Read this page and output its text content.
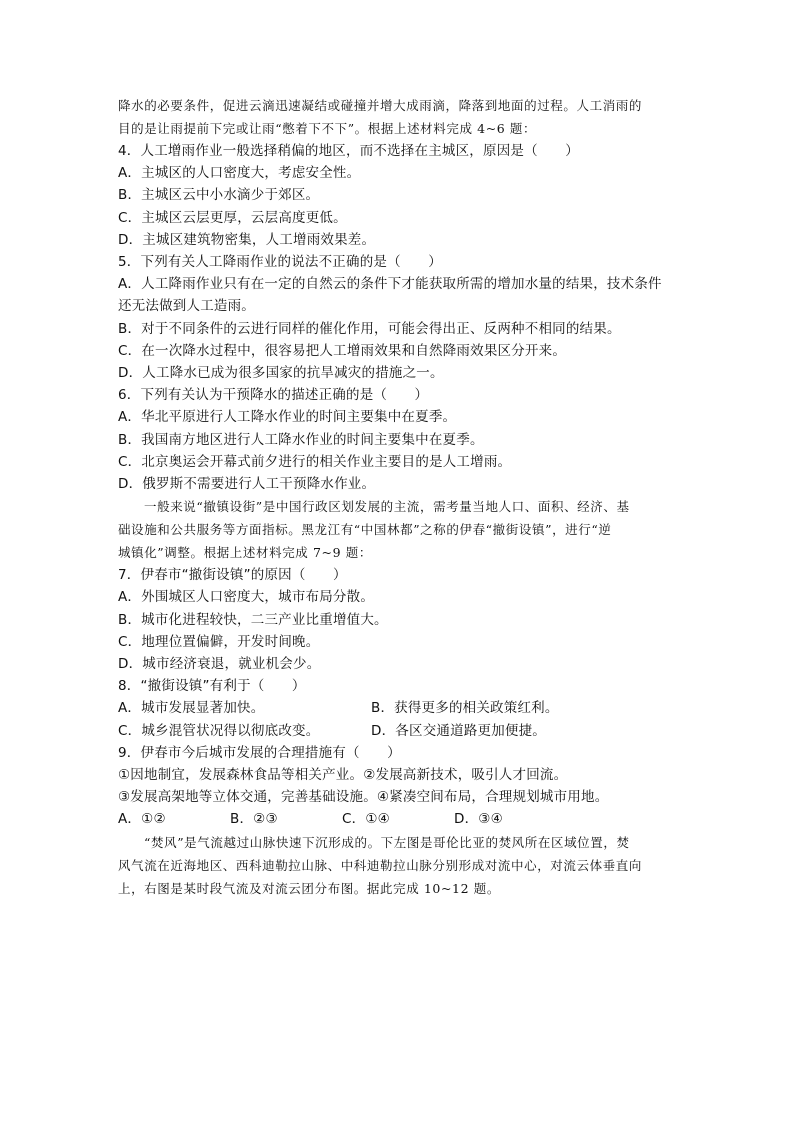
降水的必要条件，促进云滴迅速凝结或碰撞并增大成雨滴，降落到地面的过程。人工消雨的
目的是让雨提前下完或让雨“憋着下不下”。根据上述材料完成 4~6 题：
4．人工增雨作业一般选择稍偏的地区，而不选择在主城区，原因是（　　）
A．主城区的人口密度大，考虑安全性。
B．主城区云中小水滴少于郊区。
C．主城区云层更厚，云层高度更低。
D．主城区建筑物密集，人工增雨效果差。
5．下列有关人工降雨作业的说法不正确的是（　　）
A．人工降雨作业只有在一定的自然云的条件下才能获取所需的增加水量的结果，技术条件
还无法做到人工造雨。
B．对于不同条件的云进行同样的催化作用，可能会得出正、反两种不相同的结果。
C．在一次降水过程中，很容易把人工增雨效果和自然降雨效果区分开来。
D．人工降水已成为很多国家的抗旱减灾的措施之一。
6．下列有关认为干预降水的描述正确的是（　　）
A．华北平原进行人工降水作业的时间主要集中在夏季。
B．我国南方地区进行人工降水作业的时间主要集中在夏季。
C．北京奥运会开幕式前夕进行的相关作业主要目的是人工增雨。
D．俄罗斯不需要进行人工干预降水作业。
一般来说“撤镇设街”是中国行政区划发展的主流，需考量当地人口、面积、经济、基
础设施和公共服务等方面指标。黑龙江有“中国林都”之称的伊春“撤街设镇”，进行“逆
城镇化”调整。根据上述材料完成 7~9 题：
7．伊春市“撤街设镇”的原因（　　）
A．外围城区人口密度大，城市布局分散。
B．城市化进程较快，二三产业比重增值大。
C．地理位置偏僻，开发时间晚。
D．城市经济衰退，就业机会少。
8．“撤街设镇”有利于（　　）
A．城市发展显著加快。	B．获得更多的相关政策红利。
C．城乡混管状况得以彻底改变。	D．各区交通道路更加便捷。
9．伊春市今后城市发展的合理措施有（　　）
①因地制宜，发展森林食品等相关产业。②发展高新技术，吸引人才回流。
③发展高架地等立体交通，完善基础设施。④紧凑空间布局，合理规划城市用地。
A．①②	B．②③	C．①④	D．③④
“焚风”是气流越过山脉快速下沉形成的。下左图是哥伦比亚的焚风所在区域位置，焚
风气流在近海地区、西科迪勒拉山脉、中科迪勒拉山脉分别形成对流中心，对流云体垂直向
上，右图是某时段气流及对流云团分布图。据此完成 10~12 题。
